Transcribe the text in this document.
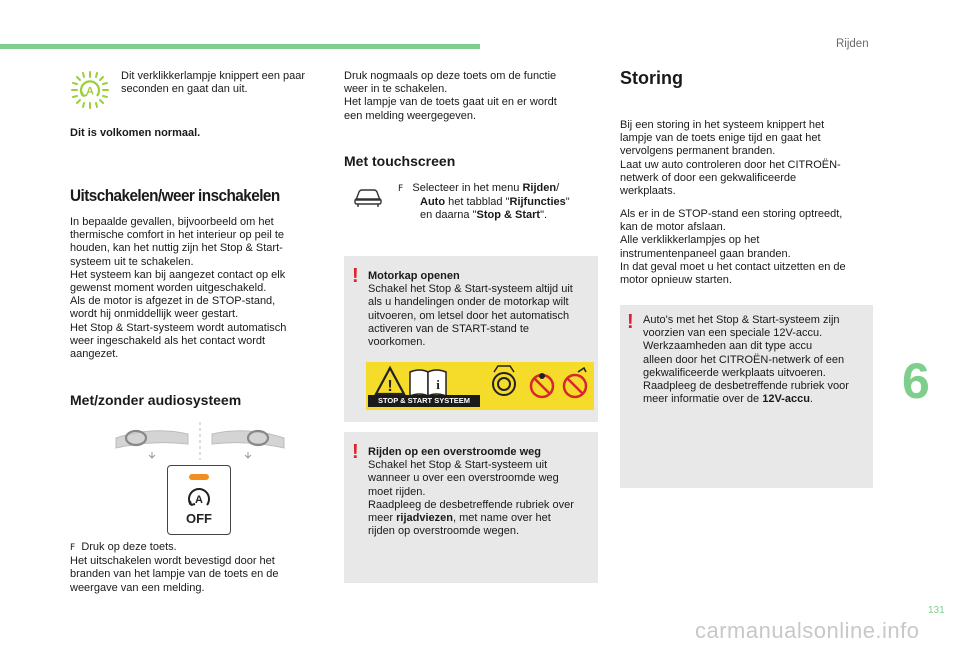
Rijden
A

Dit verklikkerlampje knippert een paar seconden en gaat dan uit.

Dit is volkomen normaal.
Uitschakelen/weer inschakelen
In bepaalde gevallen, bijvoorbeeld om het
thermische comfort in het interieur op peil te
houden, kan het nuttig zijn het Stop & Start-
systeem uit te schakelen.
Het systeem kan bij aangezet contact op elk
gewenst moment worden uitgeschakeld.
Als de motor is afgezet in de STOP-stand,
wordt hij onmiddellijk weer gestart.
Het Stop & Start-systeem wordt automatisch
weer ingeschakeld als het contact wordt
aangezet.
Met/zonder audiosysteem
A
OFF
F Druk op deze toets.
Het uitschakelen wordt bevestigd door het
branden van het lampje van de toets en de
weergave van een melding.
Druk nogmaals op deze toets om de functie
weer in te schakelen.
Het lampje van de toets gaat uit en er wordt
een melding weergegeven.
Met touchscreen
F Selecteer in het menu Rijden/
Auto het tabblad "Rijfuncties"
en daarna "Stop & Start".
! Motorkap openen
Schakel het Stop & Start-systeem altijd uit
als u handelingen onder de motorkap wilt
uitvoeren, om letsel door het automatisch
activeren van de START-stand te
voorkomen.
!	i
STOP & START SYSTEEM
! Rijden op een overstroomde weg
Schakel het Stop & Start-systeem uit
wanneer u over een overstroomde weg
moet rijden.
Raadpleeg de desbetreffende rubriek over
meer rijadviezen, met name over het
rijden op overstroomde wegen.
Storing
Bij een storing in het systeem knippert het
lampje van de toets enige tijd en gaat het
vervolgens permanent branden.
Laat uw auto controleren door het CITROËN-
netwerk of door een gekwalificeerde
werkplaats.
Als er in de STOP-stand een storing optreedt,
kan de motor afslaan.
Alle verklikkerlampjes op het
instrumentenpaneel gaan branden.
In dat geval moet u het contact uitzetten en de
motor opnieuw starten.
! Auto's met het Stop & Start-systeem zijn
voorzien van een speciale 12V-accu.
Werkzaamheden aan dit type accu
alleen door het CITROËN-netwerk of een
gekwalificeerde werkplaats uitvoeren.
Raadpleeg de desbetreffende rubriek voor
meer informatie over de 12V-accu.	6
131
carmanualsonline.info
